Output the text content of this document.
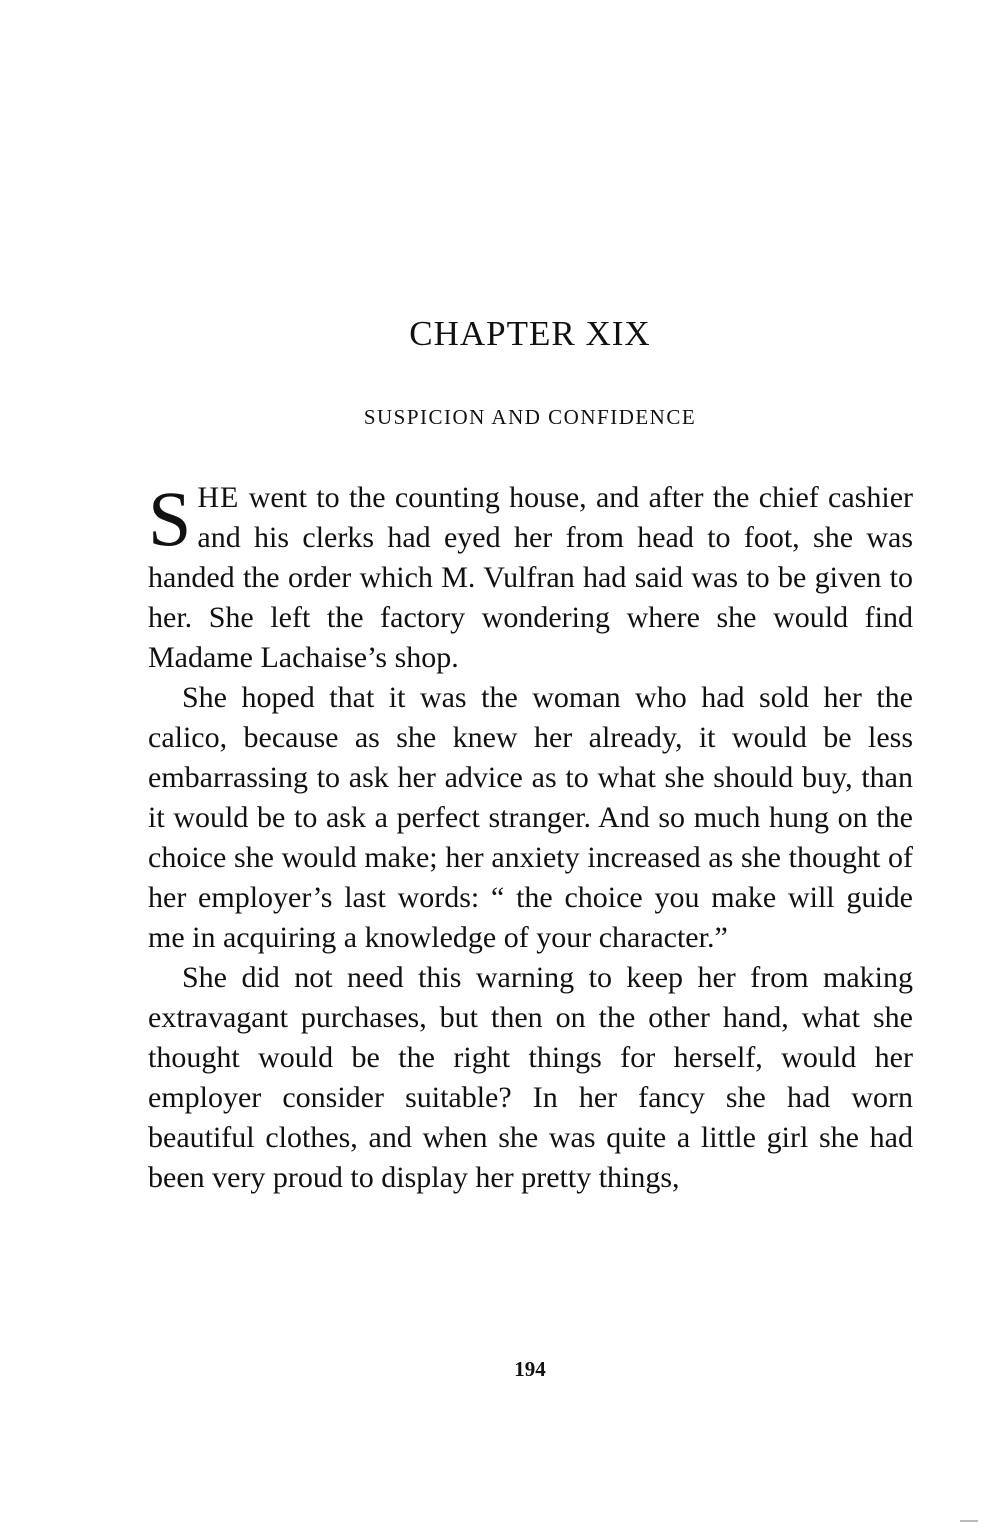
CHAPTER XIX
SUSPICION AND CONFIDENCE

SHE went to the counting house, and after the chief cashier and his clerks had eyed her from head to foot, she was handed the order which M. Vulfran had said was to be given to her. She left the factory wondering where she would find Madame Lachaise’s shop.

She hoped that it was the woman who had sold her the calico, because as she knew her already, it would be less embarrassing to ask her advice as to what she should buy, than it would be to ask a perfect stranger. And so much hung on the choice she would make; her anxiety increased as she thought of her employer’s last words: “ the choice you make will guide me in acquiring a knowledge of your character.”

She did not need this warning to keep her from making extravagant purchases, but then on the other hand, what she thought would be the right things for herself, would her employer consider suitable? In her fancy she had worn beautiful clothes, and when she was quite a little girl she had been very proud to display her pretty things,

194
